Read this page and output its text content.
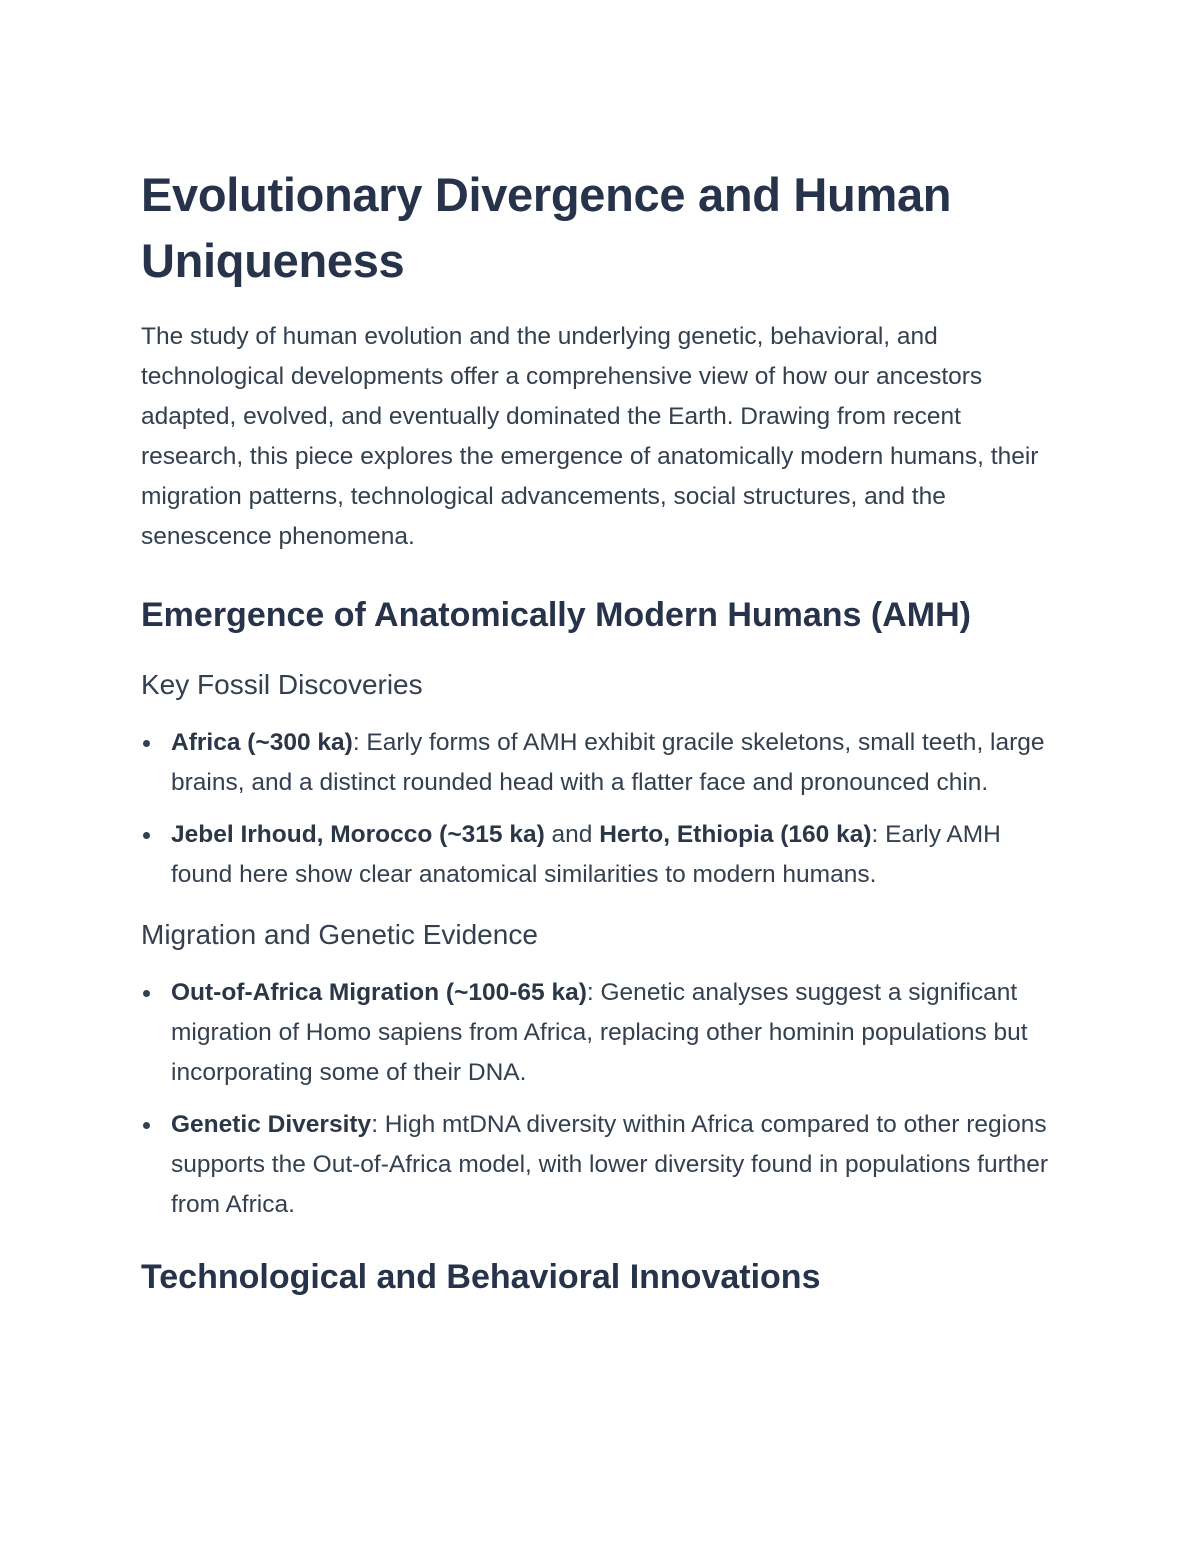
Evolutionary Divergence and Human Uniqueness

The study of human evolution and the underlying genetic, behavioral, and technological developments offer a comprehensive view of how our ancestors adapted, evolved, and eventually dominated the Earth. Drawing from recent research, this piece explores the emergence of anatomically modern humans, their migration patterns, technological advancements, social structures, and the senescence phenomena.

Emergence of Anatomically Modern Humans (AMH)
Key Fossil Discoveries
Africa (~300 ka): Early forms of AMH exhibit gracile skeletons, small teeth, large brains, and a distinct rounded head with a flatter face and pronounced chin.
Jebel Irhoud, Morocco (~315 ka) and Herto, Ethiopia (160 ka): Early AMH found here show clear anatomical similarities to modern humans.
Migration and Genetic Evidence
Out-of-Africa Migration (~100-65 ka): Genetic analyses suggest a significant migration of Homo sapiens from Africa, replacing other hominin populations but incorporating some of their DNA.
Genetic Diversity: High mtDNA diversity within Africa compared to other regions supports the Out-of-Africa model, with lower diversity found in populations further from Africa.
Technological and Behavioral Innovations
